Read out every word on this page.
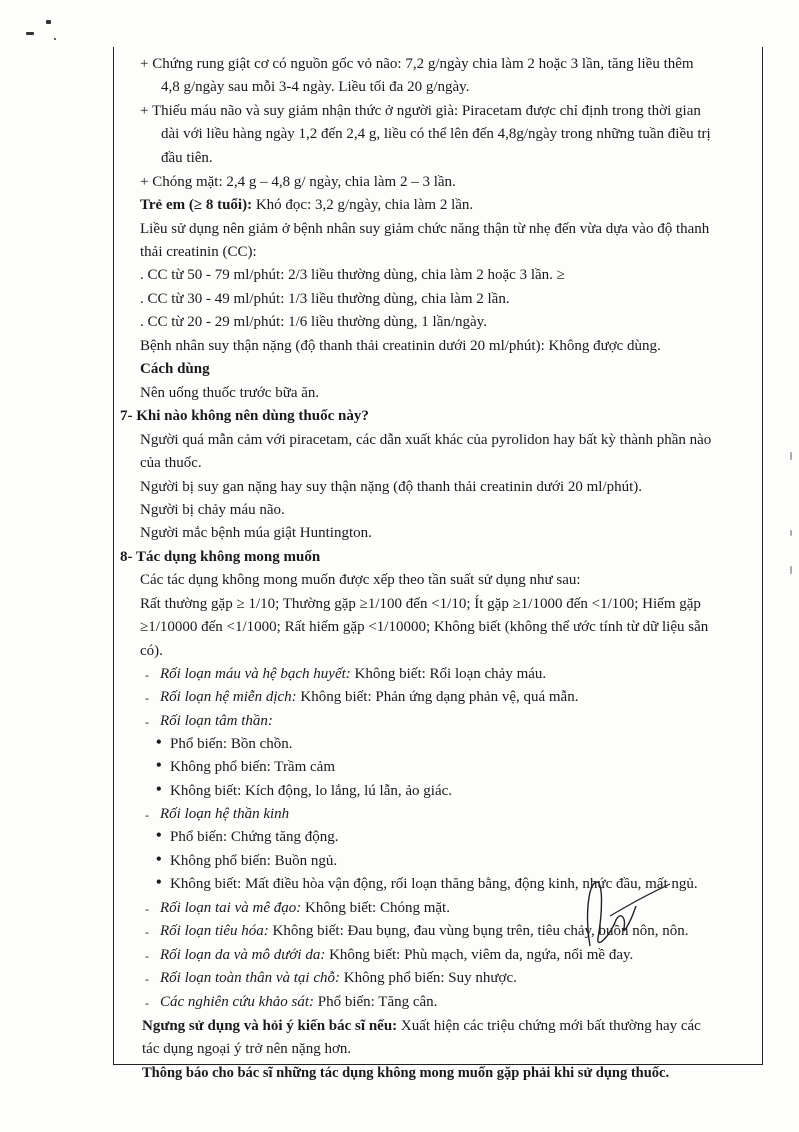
+ Chứng rung giật cơ có nguồn gốc vỏ não: 7,2 g/ngày chia làm 2 hoặc 3 lần, tăng liều thêm
4,8 g/ngày sau mỗi 3-4 ngày. Liều tối đa 20 g/ngày.
+ Thiếu máu não và suy giảm nhận thức ở người già: Piracetam được chỉ định trong thời gian
dài với liều hàng ngày 1,2 đến 2,4 g, liều có thể lên đến 4,8g/ngày trong những tuần điều trị
đầu tiên.
+ Chóng mặt: 2,4 g – 4,8 g/ ngày, chia làm 2 – 3 lần.
Trẻ em (≥ 8 tuổi): Khó đọc: 3,2 g/ngày, chia làm 2 lần.
Liều sử dụng nên giảm ở bệnh nhân suy giảm chức năng thận từ nhẹ đến vừa dựa vào độ thanh
thải creatinin (CC):
. CC từ 50 - 79 ml/phút: 2/3 liều thường dùng, chia làm 2 hoặc 3 lần. ≥
. CC từ 30 - 49 ml/phút: 1/3 liều thường dùng, chia làm 2 lần.
. CC từ 20 - 29 ml/phút: 1/6 liều thường dùng, 1 lần/ngày.
Bệnh nhân suy thận nặng (độ thanh thải creatinin dưới 20 ml/phút): Không được dùng.
Cách dùng
Nên uống thuốc trước bữa ăn.
7- Khi nào không nên dùng thuốc này?
Người quá mẫn cảm với piracetam, các dẫn xuất khác của pyrolidon hay bất kỳ thành phần nào
của thuốc.
Người bị suy gan nặng hay suy thận nặng (độ thanh thải creatinin dưới 20 ml/phút).
Người bị chảy máu não.
Người mắc bệnh múa giật Huntington.
8- Tác dụng không mong muốn
Các tác dụng không mong muốn được xếp theo tần suất sử dụng như sau:
Rất thường gặp ≥ 1/10; Thường gặp ≥1/100 đến <1/10; Ít gặp ≥1/1000 đến <1/100; Hiếm gặp
≥1/10000 đến <1/1000; Rất hiếm gặp <1/10000; Không biết (không thể ước tính từ dữ liệu sẵn
có).
- Rối loạn máu và hệ bạch huyết: Không biết: Rối loạn chảy máu.
- Rối loạn hệ miễn dịch: Không biết: Phản ứng dạng phản vệ, quá mẫn.
- Rối loạn tâm thần:
• Phổ biến: Bồn chồn.
• Không phổ biến: Trầm cảm
• Không biết: Kích động, lo lắng, lú lẫn, ảo giác.
- Rối loạn hệ thần kinh
• Phổ biến: Chứng tăng động.
• Không phổ biến: Buồn ngủ.
• Không biết: Mất điều hòa vận động, rối loạn thăng bằng, động kinh, nhức đầu, mất ngủ.
- Rối loạn tai và mê đạo: Không biết: Chóng mặt.
- Rối loạn tiêu hóa: Không biết: Đau bụng, đau vùng bụng trên, tiêu chảy, buồn nôn, nôn.
- Rối loạn da và mô dưới da: Không biết: Phù mạch, viêm da, ngứa, nổi mề đay.
- Rối loạn toàn thân và tại chỗ: Không phổ biến: Suy nhược.
- Các nghiên cứu khảo sát: Phổ biến: Tăng cân.
Ngưng sử dụng và hỏi ý kiến bác sĩ nếu: Xuất hiện các triệu chứng mới bất thường hay các
tác dụng ngoại ý trở nên nặng hơn.
Thông báo cho bác sĩ những tác dụng không mong muốn gặp phải khi sử dụng thuốc.
